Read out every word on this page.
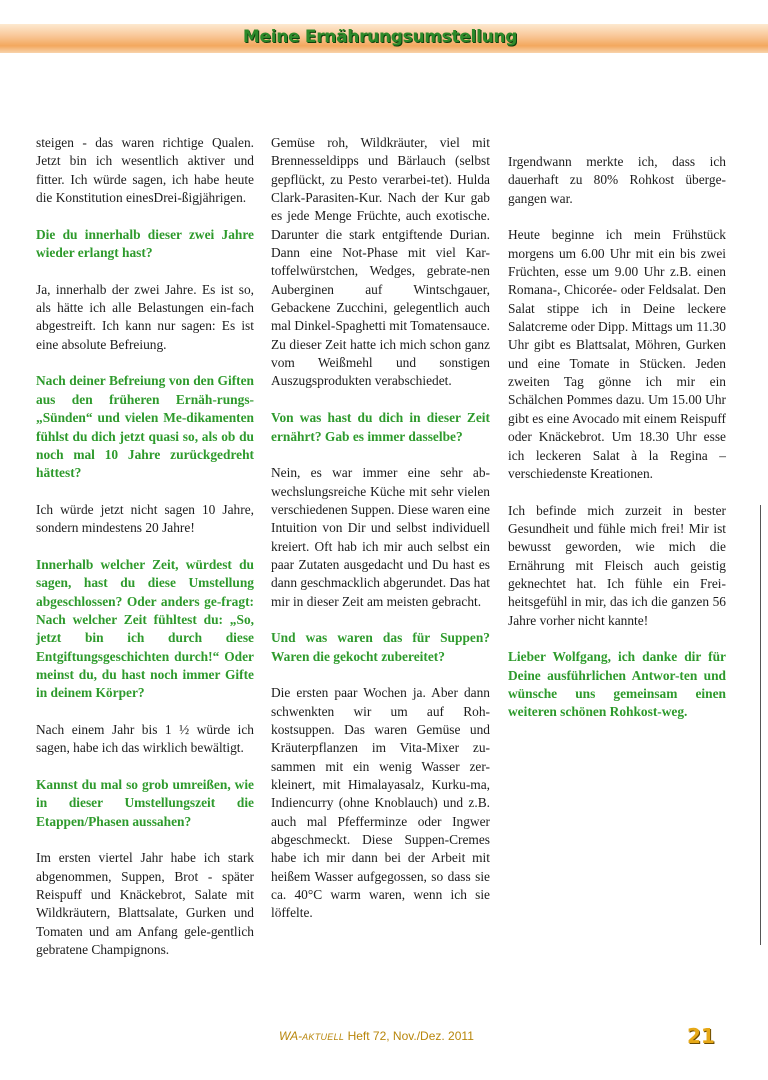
Meine Ernährungsumstellung

steigen - das waren richtige Qualen. Jetzt bin ich wesentlich aktiver und fitter. Ich würde sagen, ich habe heute die Konstitution einesDrei-ßigjährigen.

Die du innerhalb dieser zwei Jahre wieder erlangt hast?

Ja, innerhalb der zwei Jahre. Es ist so, als hätte ich alle Belastungen ein-fach abgestreift. Ich kann nur sagen: Es ist eine absolute Befreiung.

Nach deiner Befreiung von den Giften aus den früheren Ernäh-rungs-„Sünden“ und vielen Me-dikamenten fühlst du dich jetzt quasi so, als ob du noch mal 10 Jahre zurückgedreht hättest?

Ich würde jetzt nicht sagen 10 Jahre, sondern mindestens 20 Jahre!

Innerhalb welcher Zeit, würdest du sagen, hast du diese Umstellung abgeschlossen? Oder anders ge-fragt: Nach welcher Zeit fühltest du: „So, jetzt bin ich durch diese Entgiftungsgeschichten durch!“ Oder meinst du, du hast noch immer Gifte in deinem Körper?

Nach einem Jahr bis 1 ½ würde ich sagen, habe ich das wirklich bewältigt.

Kannst du mal so grob umreißen, wie in dieser Umstellungszeit die Etappen/Phasen aussahen?

Im ersten viertel Jahr habe ich stark abgenommen, Suppen, Brot - später Reispuff und Knäckebrot, Salate mit Wildkräutern, Blattsalate, Gurken und Tomaten und am Anfang gele-gentlich gebratene Champignons.

Gemüse roh, Wildkräuter, viel mit Brennesseldipps und Bärlauch (selbst gepflückt, zu Pesto verarbei-tet). Hulda Clark-Parasiten-Kur. Nach der Kur gab es jede Menge Früchte, auch exotische. Darunter die stark entgiftende Durian. Dann eine Not-Phase mit viel Kar-toffelwürstchen, Wedges, gebrate-nen Auberginen auf Wintschgauer, Gebackene Zucchini, gelegentlich auch mal Dinkel-Spaghetti mit Tomatensauce. Zu dieser Zeit hatte ich mich schon ganz vom Weißmehl und sonstigen Auszugsprodukten verabschiedet.

Von was hast du dich in dieser Zeit ernährt? Gab es immer dasselbe?

Nein, es war immer eine sehr ab-wechslungsreiche Küche mit sehr vielen verschiedenen Suppen. Diese waren eine Intuition von Dir und selbst individuell kreiert. Oft hab ich mir auch selbst ein paar Zutaten ausgedacht und Du hast es dann geschmacklich abgerundet. Das hat mir in dieser Zeit am meisten gebracht.

Und was waren das für Suppen? Waren die gekocht zubereitet?

Die ersten paar Wochen ja. Aber dann schwenkten wir um auf Roh-kostsuppen. Das waren Gemüse und Kräuterpflanzen im Vita-Mixer zu-sammen mit ein wenig Wasser zer-kleinert, mit Himalayasalz, Kurku-ma, Indiencurry (ohne Knoblauch) und z.B. auch mal Pfefferminze oder Ingwer abgeschmeckt. Diese Suppen-Cremes habe ich mir dann bei der Arbeit mit heißem Wasser aufgegossen, so dass sie ca. 40°C warm waren, wenn ich sie löffelte.

Irgendwann merkte ich, dass ich dauerhaft zu 80% Rohkost überge-gangen war.

Heute beginne ich mein Frühstück morgens um 6.00 Uhr mit ein bis zwei Früchten, esse um 9.00 Uhr z.B. einen Romana-, Chicorée- oder Feldsalat. Den Salat stippe ich in Deine leckere Salatcreme oder Dipp. Mittags um 11.30 Uhr gibt es Blattsalat, Möhren, Gurken und eine Tomate in Stücken. Jeden zweiten Tag gönne ich mir ein Schälchen Pommes dazu. Um 15.00 Uhr gibt es eine Avocado mit einem Reispuff oder Knäckebrot. Um 18.30 Uhr esse ich leckeren Salat à la Regina – verschiedenste Kreationen.

Ich befinde mich zurzeit in bester Gesundheit und fühle mich frei! Mir ist bewusst geworden, wie mich die Ernährung mit Fleisch auch geistig geknechtet hat. Ich fühle ein Frei-heitsgefühl in mir, das ich die ganzen 56 Jahre vorher nicht kannte!

Lieber Wolfgang, ich danke dir für Deine ausführlichen Antwor-ten und wünsche uns gemeinsam einen weiteren schönen Rohkost-weg.

WA-AKTUELL Heft 72, Nov./Dez. 2011	21
